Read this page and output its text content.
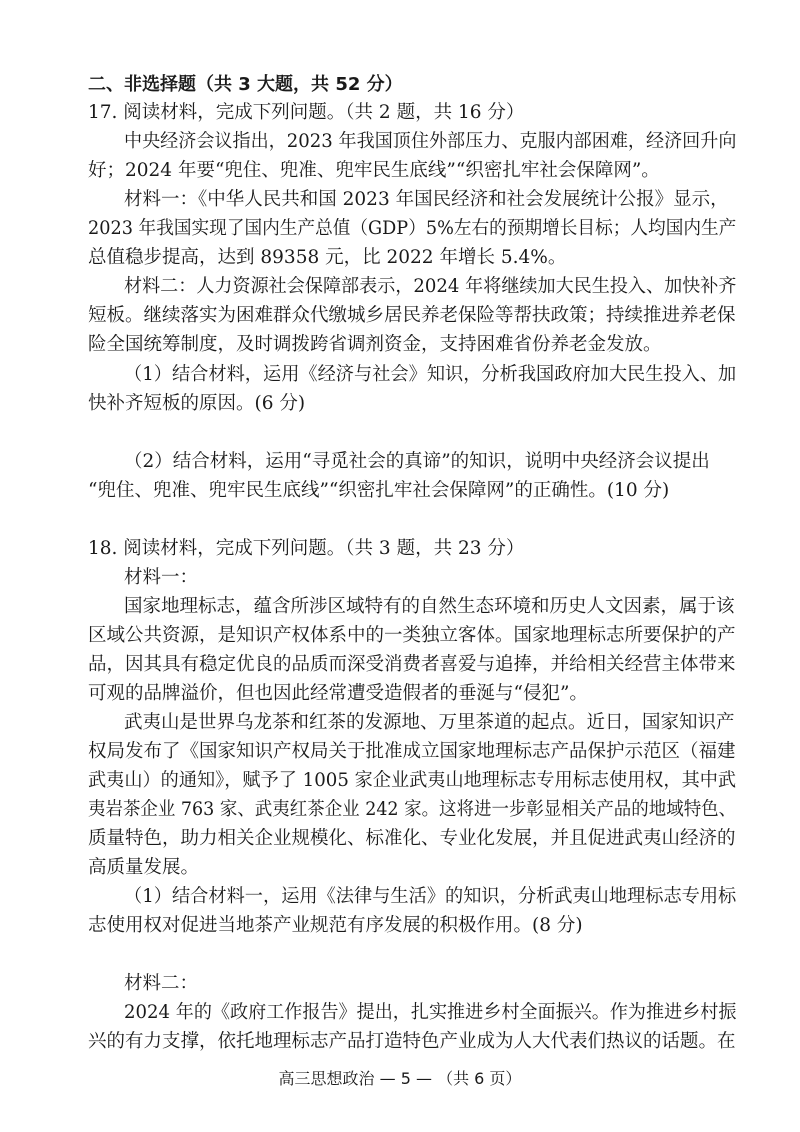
二、非选择题（共 3 大题，共 52 分）
17. 阅读材料，完成下列问题。（共 2 题，共 16 分）
中央经济会议指出，2023 年我国顶住外部压力、克服内部困难，经济回升向
好；2024 年要“兜住、兜准、兜牢民生底线”“织密扎牢社会保障网”。
材料一：《中华人民共和国 2023 年国民经济和社会发展统计公报》显示，
2023 年我国实现了国内生产总值（GDP）5%左右的预期增长目标；人均国内生产
总值稳步提高，达到 89358 元，比 2022 年增长 5.4%。
材料二：人力资源社会保障部表示，2024 年将继续加大民生投入、加快补齐
短板。继续落实为困难群众代缴城乡居民养老保险等帮扶政策；持续推进养老保
险全国统筹制度，及时调拨跨省调剂资金，支持困难省份养老金发放。
（1）结合材料，运用《经济与社会》知识，分析我国政府加大民生投入、加
快补齐短板的原因。(6 分)
（2）结合材料，运用“寻觅社会的真谛”的知识，说明中央经济会议提出
“兜住、兜准、兜牢民生底线”“织密扎牢社会保障网”的正确性。(10 分)
18. 阅读材料，完成下列问题。（共 3 题，共 23 分）
材料一：
国家地理标志，蕴含所涉区域特有的自然生态环境和历史人文因素，属于该
区域公共资源，是知识产权体系中的一类独立客体。国家地理标志所要保护的产
品，因其具有稳定优良的品质而深受消费者喜爱与追捧，并给相关经营主体带来
可观的品牌溢价，但也因此经常遭受造假者的垂涎与“侵犯”。
武夷山是世界乌龙茶和红茶的发源地、万里茶道的起点。近日，国家知识产
权局发布了《国家知识产权局关于批准成立国家地理标志产品保护示范区（福建
武夷山）的通知》，赋予了 1005 家企业武夷山地理标志专用标志使用权，其中武
夷岩茶企业 763 家、武夷红茶企业 242 家。这将进一步彰显相关产品的地域特色、
质量特色，助力相关企业规模化、标准化、专业化发展，并且促进武夷山经济的
高质量发展。
（1）结合材料一，运用《法律与生活》的知识，分析武夷山地理标志专用标
志使用权对促进当地茶产业规范有序发展的积极作用。(8 分)
材料二：
2024 年的《政府工作报告》提出，扎实推进乡村全面振兴。作为推进乡村振
兴的有力支撑，依托地理标志产品打造特色产业成为人大代表们热议的话题。在
高三思想政治 — 5 — （共 6 页）
